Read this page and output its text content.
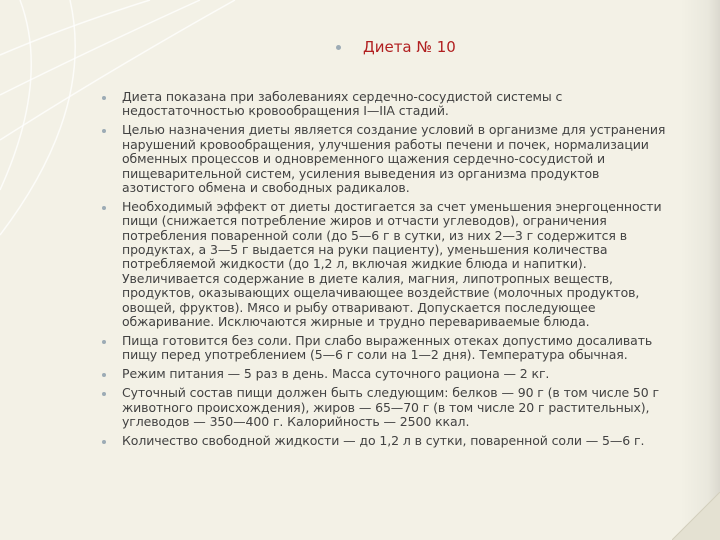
Диета № 10
Диета показана при заболеваниях сердечно-сосудистой системы с
недостаточностью кровообращения I—IIA стадий.
Целью назначения диеты является создание условий в организме для устранения
нарушений кровообращения, улучшения работы печени и почек, нормализации
обменных процессов и одновременного щажения сердечно-сосудистой и
пищеварительной систем, усиления выведения из организма продуктов
азотистого обмена и свободных радикалов.
Необходимый эффект от диеты достигается за счет уменьшения энергоценности
пищи (снижается потребление жиров и отчасти углеводов), ограничения
потребления поваренной соли (до 5—6 г в сутки, из них 2—3 г содержится в
продуктах, а 3—5 г выдается на руки пациенту), уменьшения количества
потребляемой жидкости (до 1,2 л, включая жидкие блюда и напитки).
Увеличивается содержание в диете калия, магния, липотропных веществ,
продуктов, оказывающих ощелачивающее воздействие (молочных продуктов,
овощей, фруктов). Мясо и рыбу отваривают. Допускается последующее
обжаривание. Исключаются жирные и трудно перевариваемые блюда.
Пища готовится без соли. При слабо выраженных отеках допустимо досаливать
пищу перед употреблением (5—6 г соли на 1—2 дня). Температура обычная.
Режим питания — 5 раз в день. Масса суточного рациона — 2 кг.
Суточный состав пищи должен быть следующим: белков — 90 г (в том числе 50 г
животного происхождения), жиров — 65—70 г (в том числе 20 г растительных),
углеводов — 350—400 г. Калорийность — 2500 ккал.
Количество свободной жидкости — до 1,2 л в сутки, поваренной соли — 5—6 г.
